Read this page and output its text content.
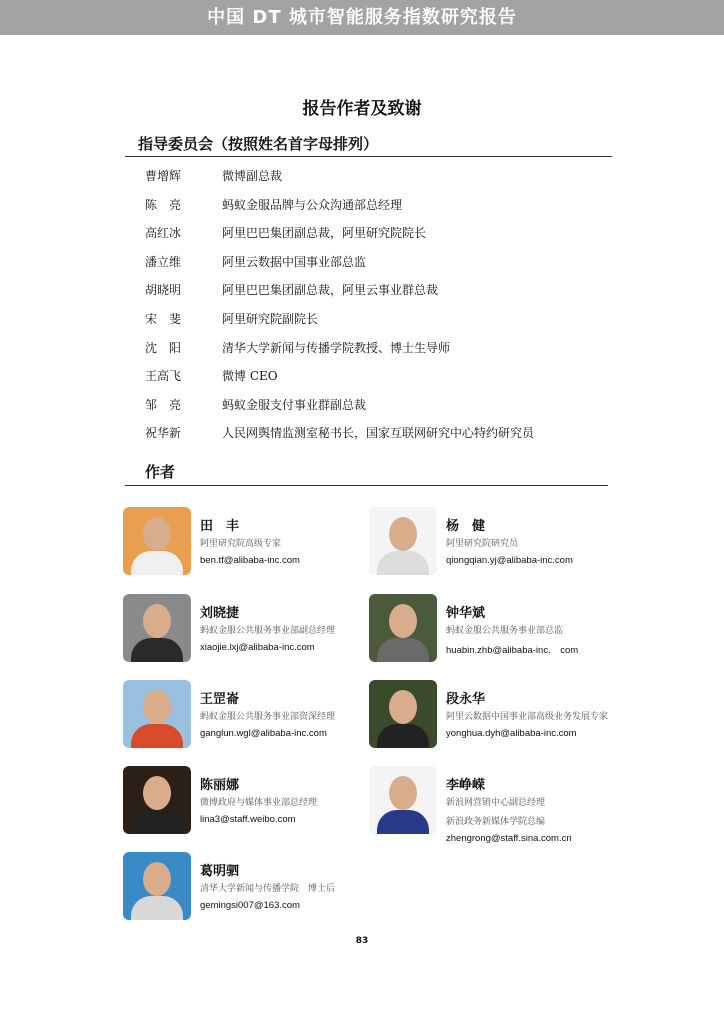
中国 DT 城市智能服务指数研究报告
报告作者及致谢
指导委员会（按照姓名首字母排列）
曹增辉	微博副总裁
陈　亮	蚂蚁金服品牌与公众沟通部总经理
高红冰	阿里巴巴集团副总裁，阿里研究院院长
潘立维	阿里云数据中国事业部总监
胡晓明	阿里巴巴集团副总裁，阿里云事业群总裁
宋　斐	阿里研究院副院长
沈　阳	清华大学新闻与传播学院教授、博士生导师
王高飞	微博 CEO
邹　亮	蚂蚁金服支付事业群副总裁
祝华新	人民网舆情监测室秘书长，国家互联网研究中心特约研究员
作者
田　丰
阿里研究院高级专家
ben.tf@alibaba-inc.com
杨　健
阿里研究院研究员
qiongqian.yj@alibaba-inc.com
刘晓捷
蚂蚁金服公共服务事业部副总经理
xiaojie.lxj@alibaba-inc.com
钟华斌
蚂蚁金服公共服务事业部总监
huabin.zhb@alibaba-inc.　com
王罡崙
蚂蚁金服公共服务事业部资深经理
ganglun.wgl@alibaba-inc.com
段永华
阿里云数据中国事业部高级业务发展专家
yonghua.dyh@alibaba-inc.com
陈丽娜
微博政府与媒体事业部总经理
lina3@staff.weibo.com
李峥嵘
新浪网营销中心副总经理
新浪政务新媒体学院总编
zhengrong@staff.sina.com.cn
葛明驷
清华大学新闻与传播学院　博士后
gemingsi007@163.com
83
